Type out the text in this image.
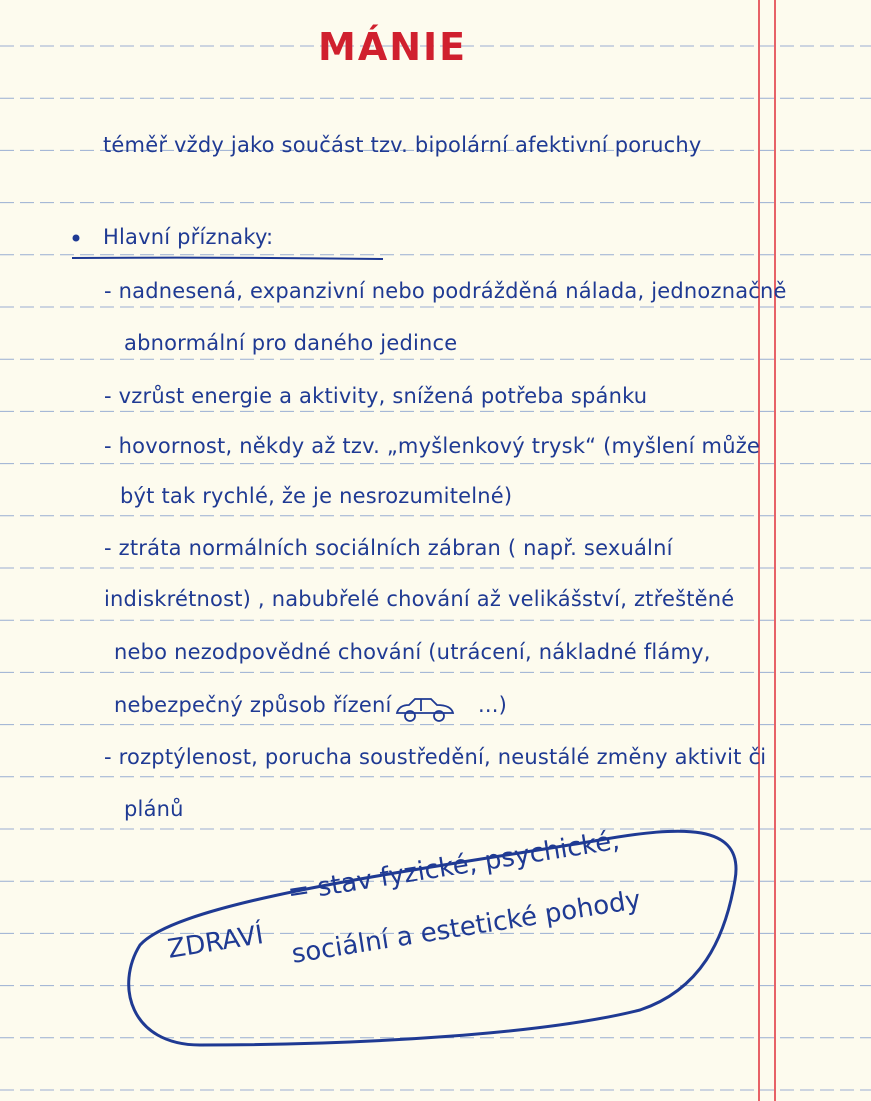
MÁNIE
téměř vždy jako součást tzv. bipolární afektivní poruchy
Hlavní příznaky:
- nadnesená, expanzivní nebo podrážděná nálada, jednoznačně
abnormální pro daného jedince
- vzrůst energie a aktivity, snížená potřeba spánku
- hovornost, někdy až tzv. „myšlenkový trysk“ (myšlení může
být tak rychlé, že je nesrozumitelné)
- ztráta normálních sociálních zábran ( např. sexuální
indiskrétnost) , nabubřelé chování až velikášství, ztřeštěné
nebo nezodpovědné chování (utrácení, nákladné flámy,
nebezpečný způsob řízení	...)
- rozptýlenost, porucha soustředění, neustálé změny aktivit či
plánů
ZDRAVÍ
= stav fyzické, psychické,
sociální a estetické pohody
